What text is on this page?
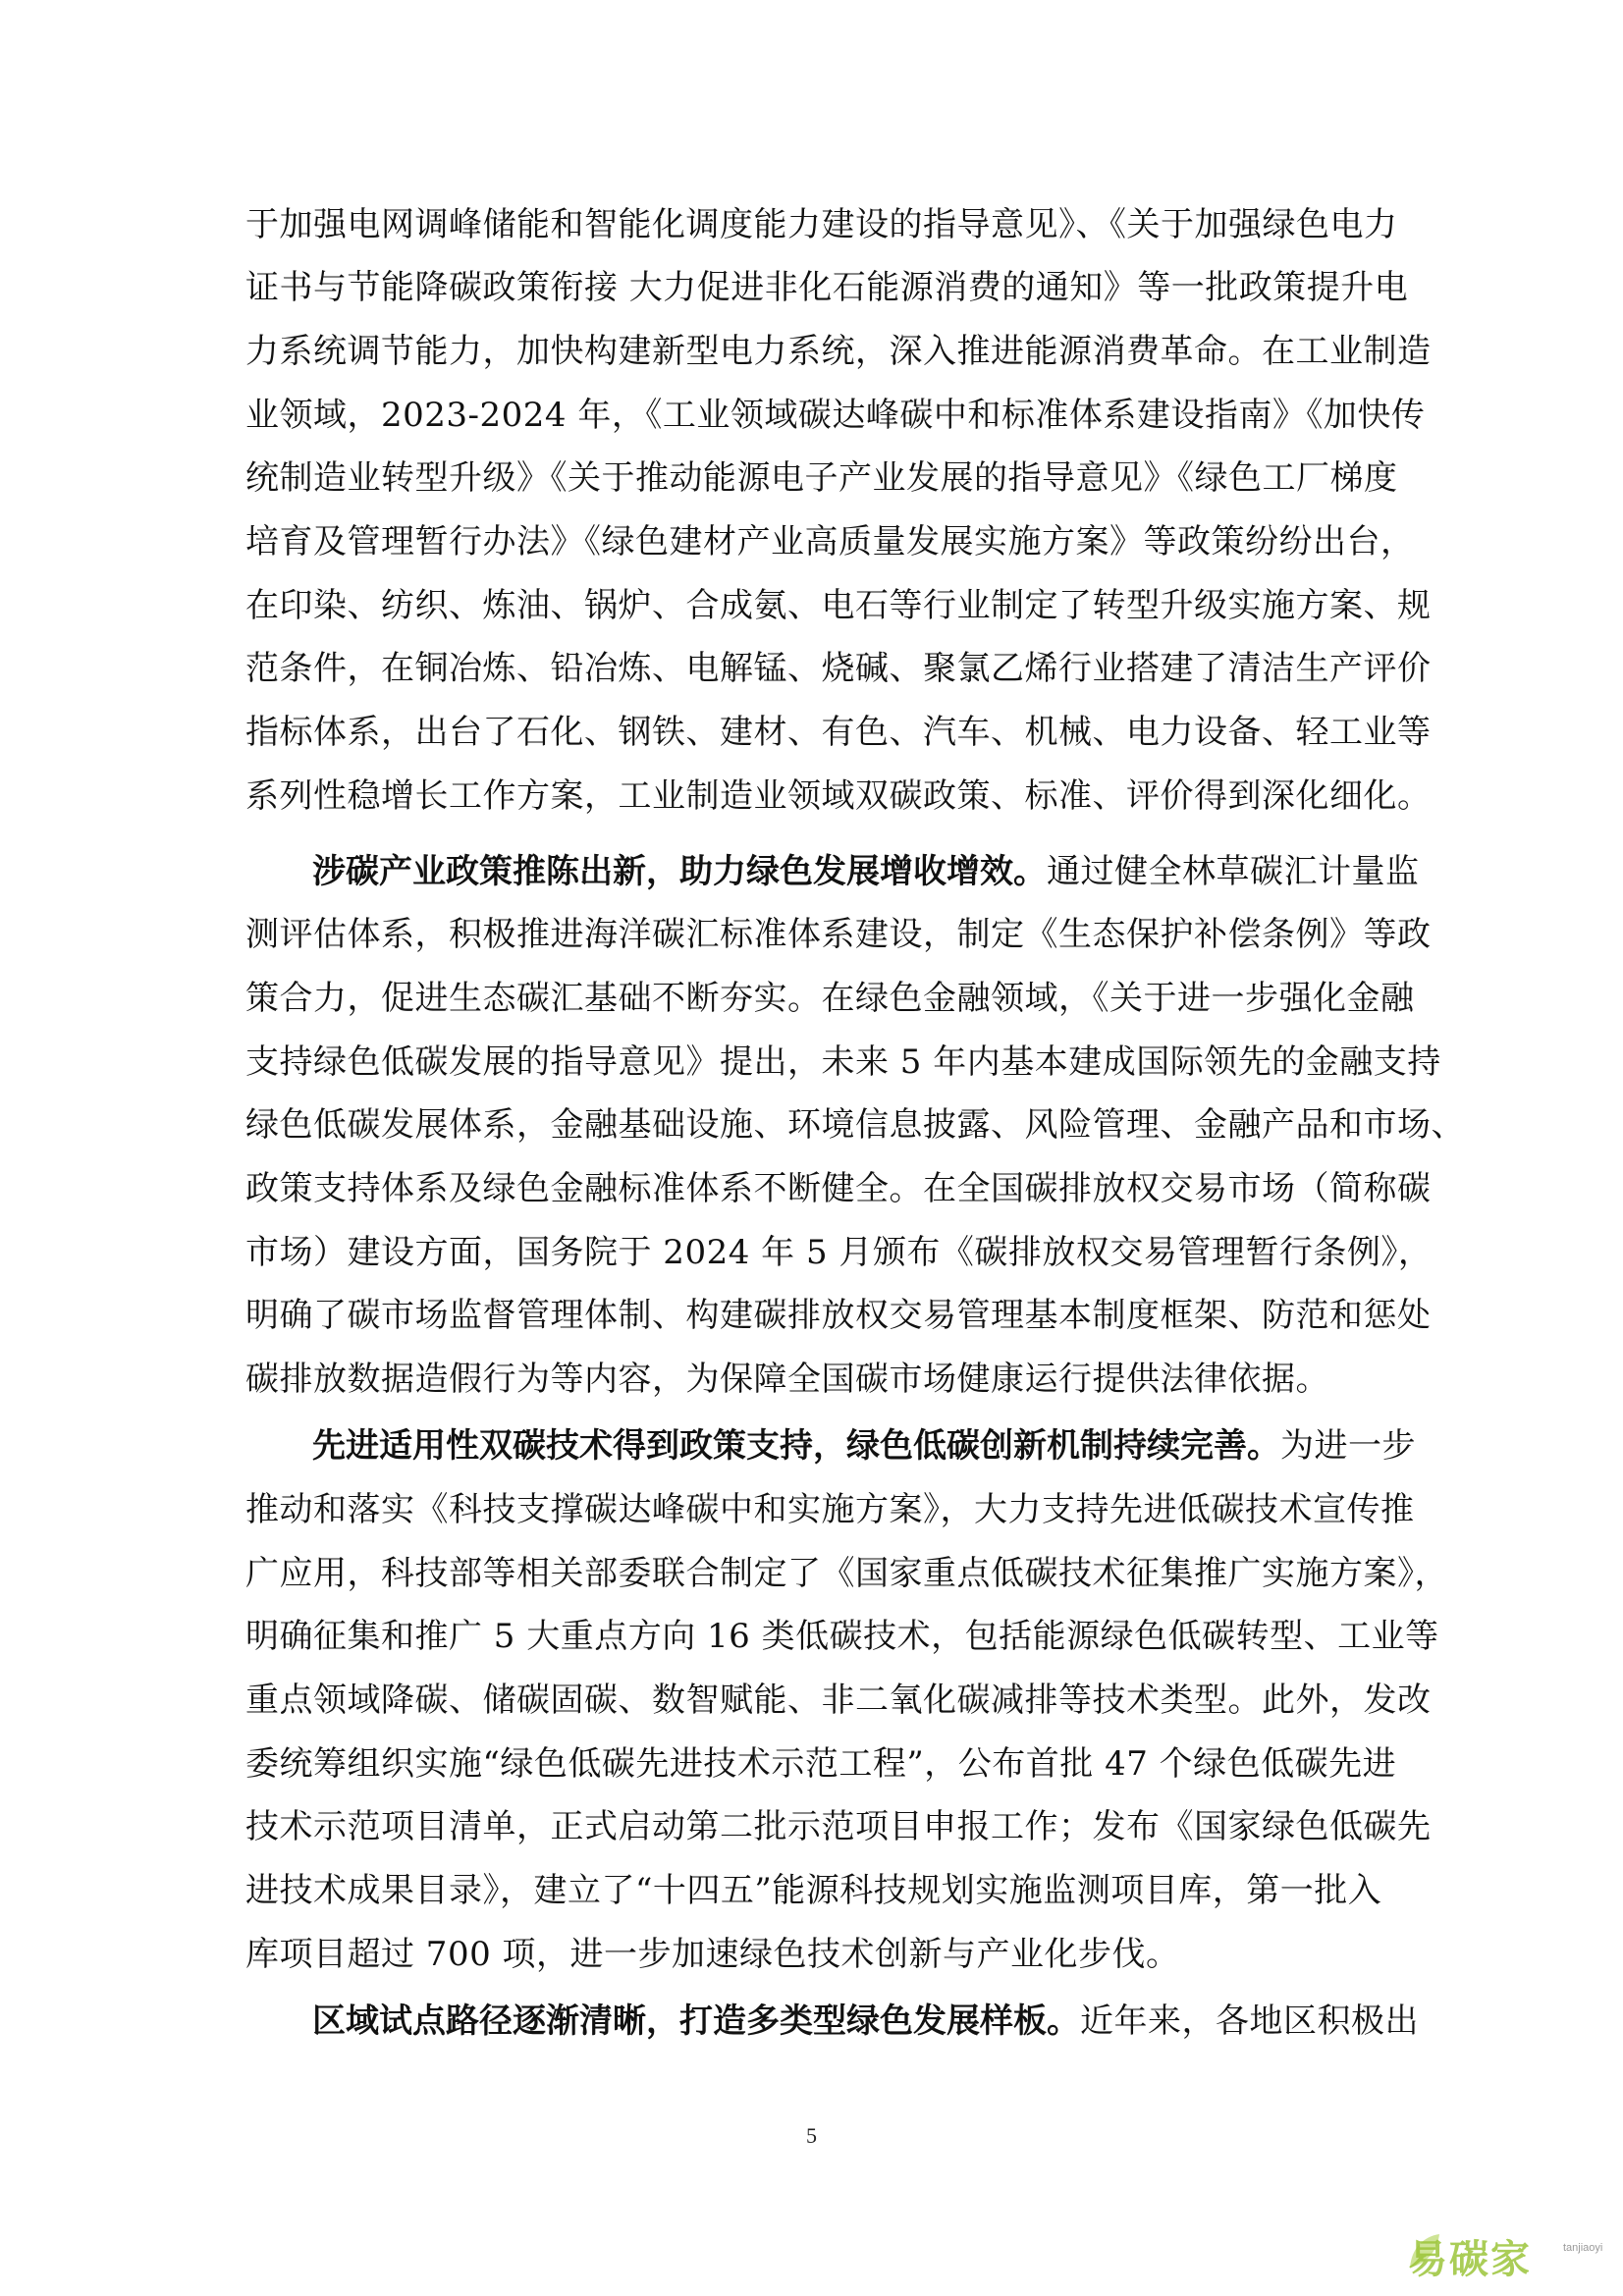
于加强电网调峰储能和智能化调度能力建设的指导意见》、《关于加强绿色电力
证书与节能降碳政策衔接 大力促进非化石能源消费的通知》等一批政策提升电
力系统调节能力，加快构建新型电力系统，深入推进能源消费革命。在工业制造
业领域，2023-2024 年，《工业领域碳达峰碳中和标准体系建设指南》《加快传
统制造业转型升级》《关于推动能源电子产业发展的指导意见》《绿色工厂梯度
培育及管理暂行办法》《绿色建材产业高质量发展实施方案》等政策纷纷出台，
在印染、纺织、炼油、锅炉、合成氨、电石等行业制定了转型升级实施方案、规
范条件，在铜冶炼、铅冶炼、电解锰、烧碱、聚氯乙烯行业搭建了清洁生产评价
指标体系，出台了石化、钢铁、建材、有色、汽车、机械、电力设备、轻工业等
系列性稳增长工作方案，工业制造业领域双碳政策、标准、评价得到深化细化。
涉碳产业政策推陈出新，助力绿色发展增收增效。通过健全林草碳汇计量监
测评估体系，积极推进海洋碳汇标准体系建设，制定《生态保护补偿条例》等政
策合力，促进生态碳汇基础不断夯实。在绿色金融领域，《关于进一步强化金融
支持绿色低碳发展的指导意见》提出，未来 5 年内基本建成国际领先的金融支持
绿色低碳发展体系，金融基础设施、环境信息披露、风险管理、金融产品和市场、
政策支持体系及绿色金融标准体系不断健全。在全国碳排放权交易市场（简称碳
市场）建设方面，国务院于 2024 年 5 月颁布《碳排放权交易管理暂行条例》，
明确了碳市场监督管理体制、构建碳排放权交易管理基本制度框架、防范和惩处
碳排放数据造假行为等内容，为保障全国碳市场健康运行提供法律依据。
先进适用性双碳技术得到政策支持，绿色低碳创新机制持续完善。为进一步
推动和落实《科技支撑碳达峰碳中和实施方案》，大力支持先进低碳技术宣传推
广应用，科技部等相关部委联合制定了《国家重点低碳技术征集推广实施方案》，
明确征集和推广 5 大重点方向 16 类低碳技术，包括能源绿色低碳转型、工业等
重点领域降碳、储碳固碳、数智赋能、非二氧化碳减排等技术类型。此外，发改
委统筹组织实施“绿色低碳先进技术示范工程”，公布首批 47 个绿色低碳先进
技术示范项目清单，正式启动第二批示范项目申报工作；发布《国家绿色低碳先
进技术成果目录》，建立了“十四五”能源科技规划实施监测项目库，第一批入
库项目超过 700 项，进一步加速绿色技术创新与产业化步伐。
区域试点路径逐渐清晰，打造多类型绿色发展样板。近年来，各地区积极出
5
易碳家	tanjiaoyi
